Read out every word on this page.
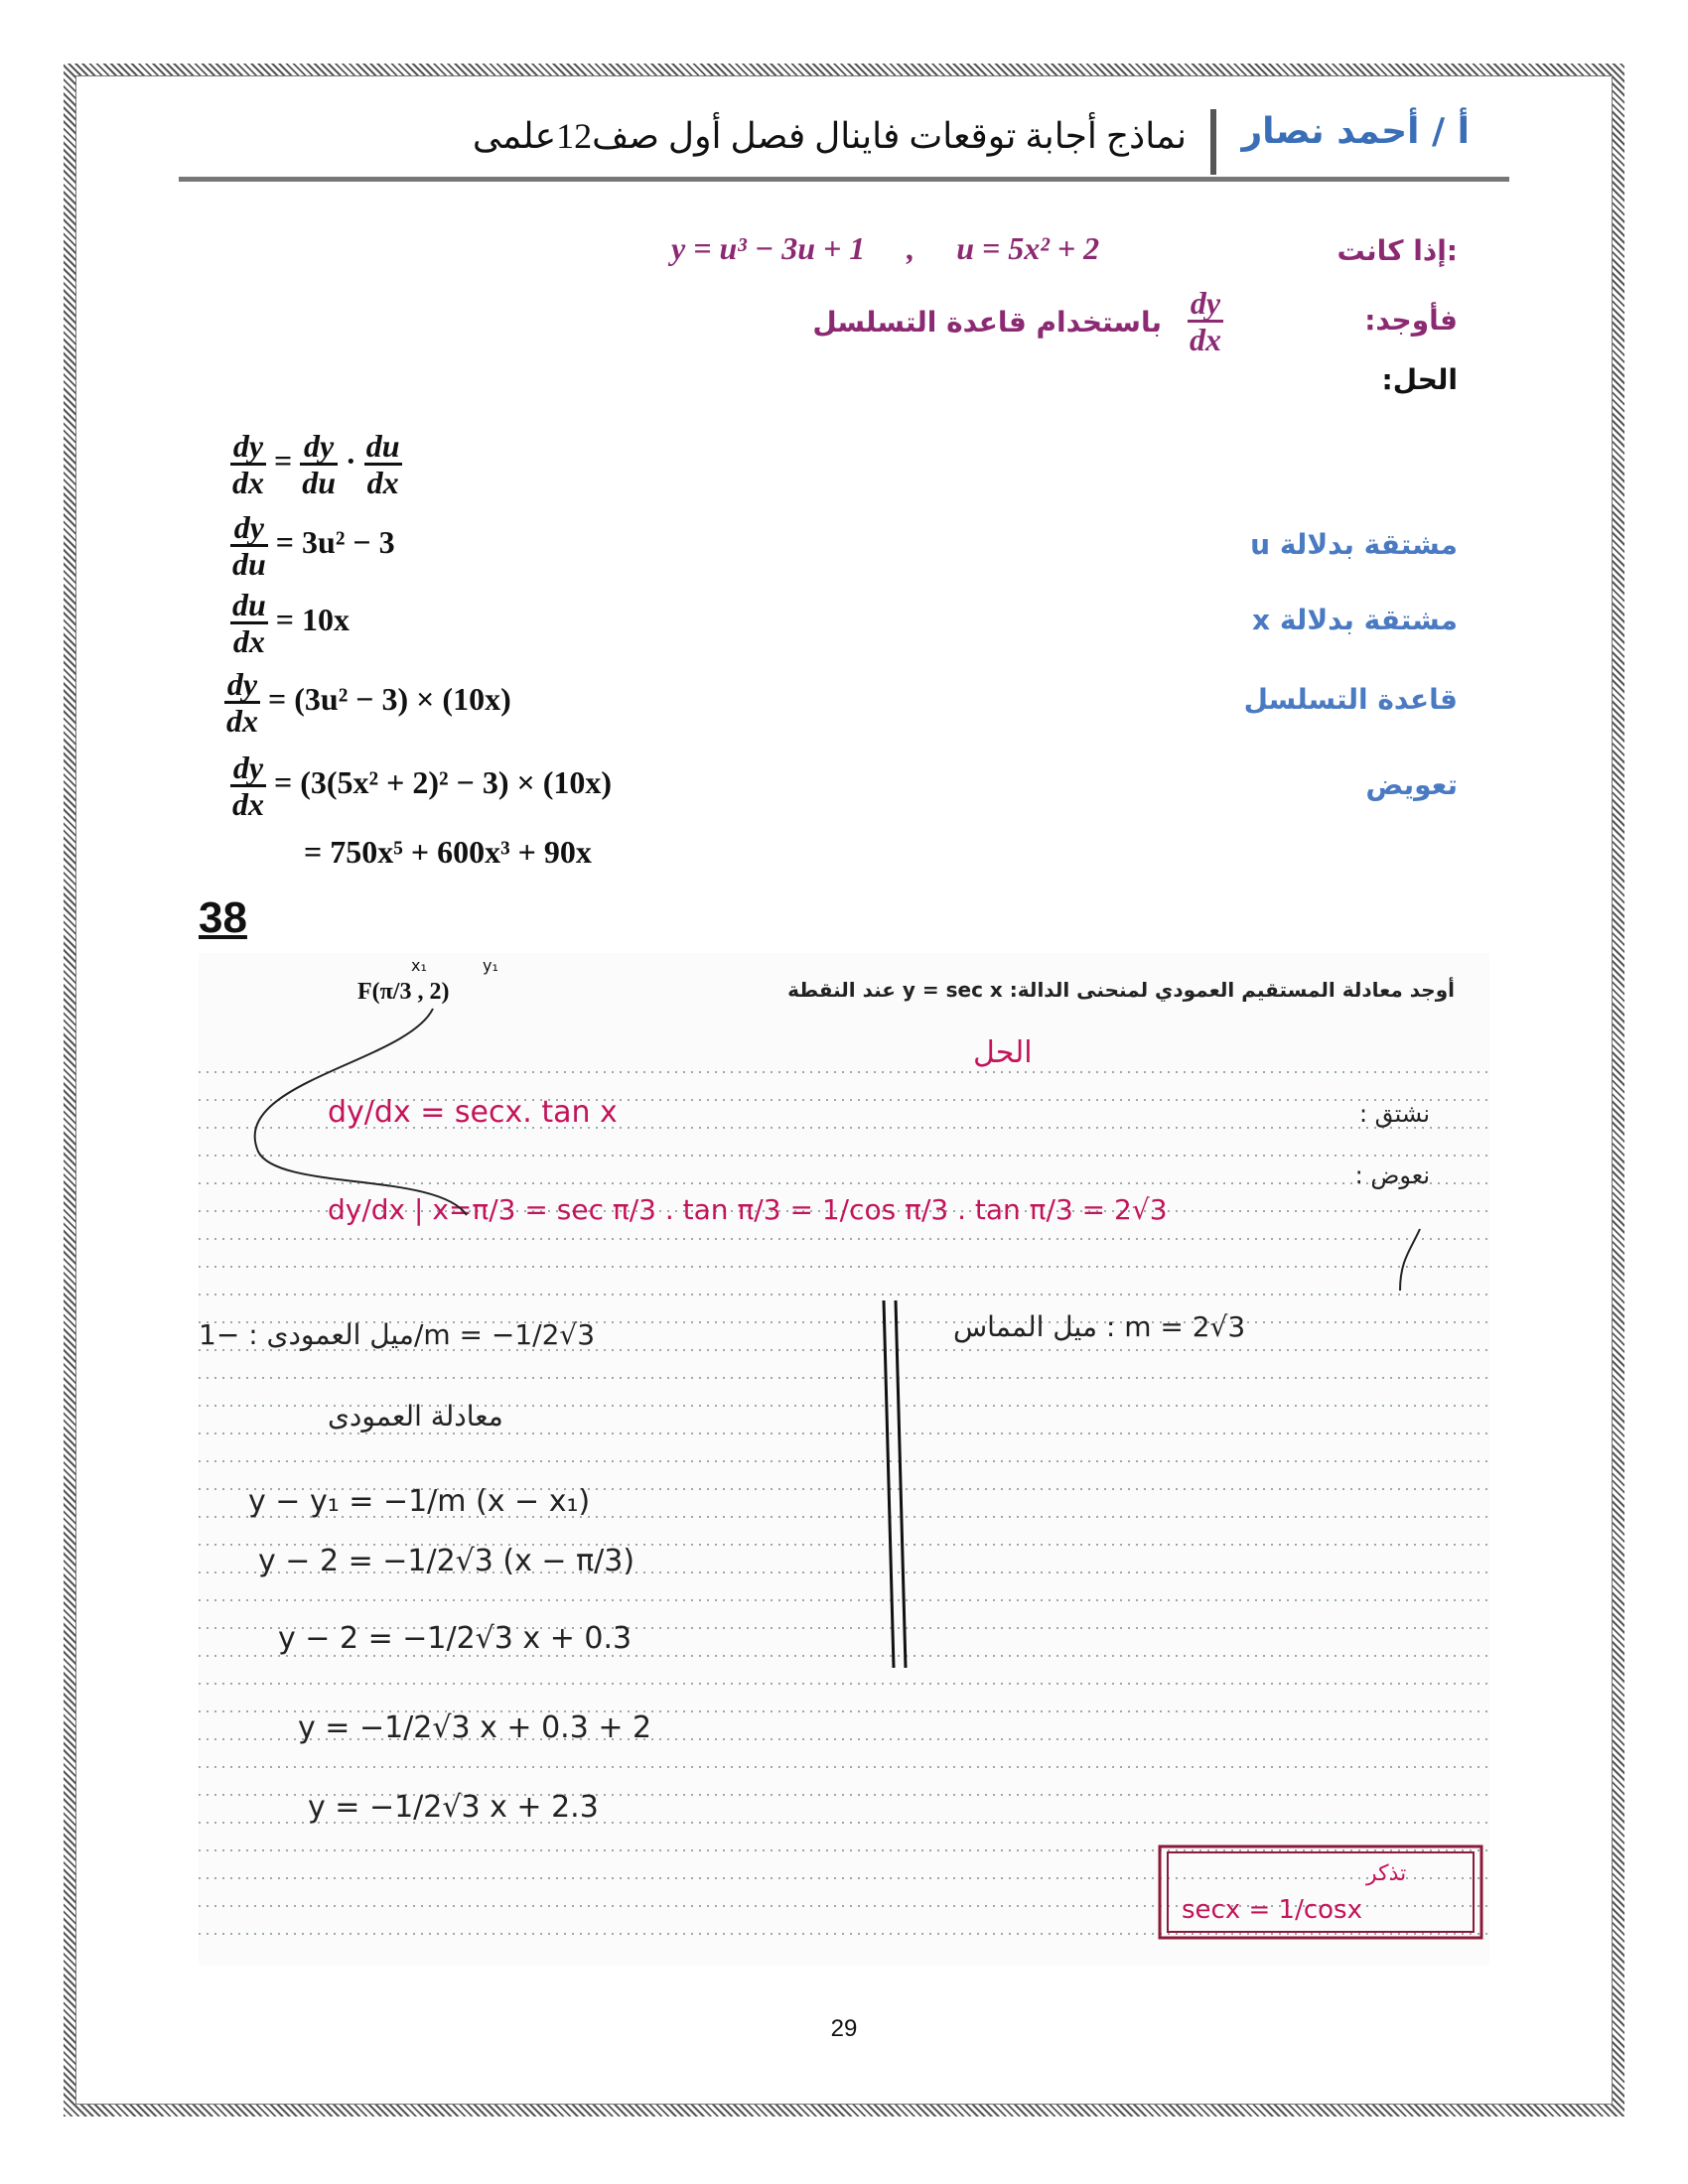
أ / أحمد نصار
نماذج أجابة توقعات فاينال فصل أول صف12علمى
إذا كانت:
y = u³ − 3u + 1 , u = 5x² + 2
فأوجد:
$\frac{dy}{dx}$
باستخدام قاعدة التسلسل
الحل:
$\frac{dy}{dx} = \frac{dy}{du} \cdot \frac{du}{dx}$
$\frac{dy}{du} = 3u^2 - 3$	مشتقة بدلالة u
$\frac{du}{dx} = 10x$	مشتقة بدلالة x
$\frac{dy}{dx} = (3u^2 - 3) \times (10x)$	قاعدة التسلسل
$\frac{dy}{dx} = (3(5x^2 + 2)^2 - 3) \times (10x)$	تعويض
= 750x⁵ + 600x³ + 90x
38
أوجد معادلة المستقيم العمودي لمنحنى الدالة: y = sec x عند النقطة
F(π/3 , 2)
x₁	y₁
الحل
نشتق :
dy/dx = secx. tan x
نعوض :
dy/dx | x=π/3 = sec π/3 . tan π/3 = 1/cos π/3 . tan π/3 = 2√3
ميل المماس : m = 2√3
ميل العمودى : −1/m = −1/2√3
معادلة العمودى
y − y₁ = −1/m (x − x₁)
y − 2 = −1/2√3 (x − π/3)
y − 2 = −1/2√3 x + 0.3
y = −1/2√3 x + 0.3 + 2
y = −1/2√3 x + 2.3
تذكر
secx = 1/cosx
29
